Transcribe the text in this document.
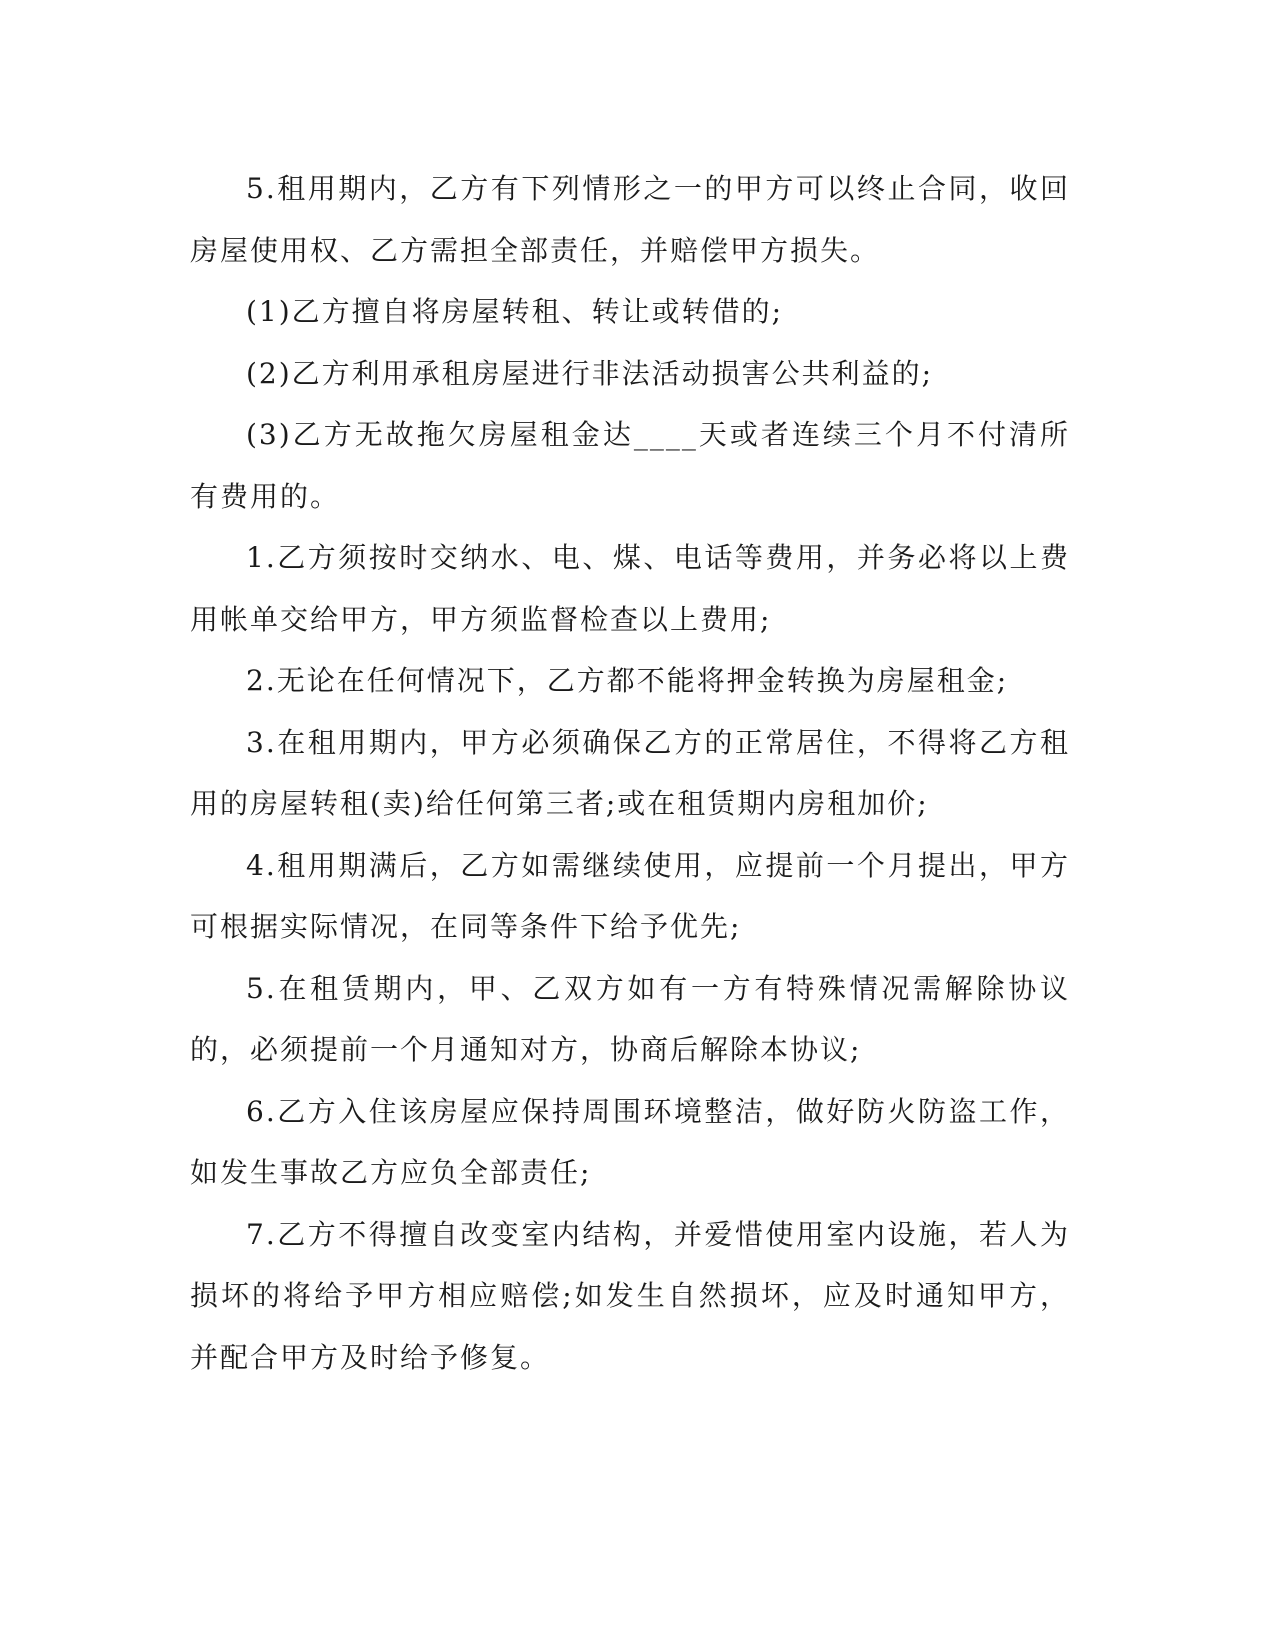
5.租用期内，乙方有下列情形之一的甲方可以终止合同，收回房屋使用权、乙方需担全部责任，并赔偿甲方损失。

(1)乙方擅自将房屋转租、转让或转借的;

(2)乙方利用承租房屋进行非法活动损害公共利益的;

(3)乙方无故拖欠房屋租金达____天或者连续三个月不付清所有费用的。

1.乙方须按时交纳水、电、煤、电话等费用，并务必将以上费用帐单交给甲方，甲方须监督检查以上费用;

2.无论在任何情况下，乙方都不能将押金转换为房屋租金;

3.在租用期内，甲方必须确保乙方的正常居住，不得将乙方租用的房屋转租(卖)给任何第三者;或在租赁期内房租加价;

4.租用期满后，乙方如需继续使用，应提前一个月提出，甲方可根据实际情况，在同等条件下给予优先;

5.在租赁期内，甲、乙双方如有一方有特殊情况需解除协议的，必须提前一个月通知对方，协商后解除本协议;

6.乙方入住该房屋应保持周围环境整洁，做好防火防盗工作，如发生事故乙方应负全部责任;

7.乙方不得擅自改变室内结构，并爱惜使用室内设施，若人为损坏的将给予甲方相应赔偿;如发生自然损坏，应及时通知甲方，并配合甲方及时给予修复。
